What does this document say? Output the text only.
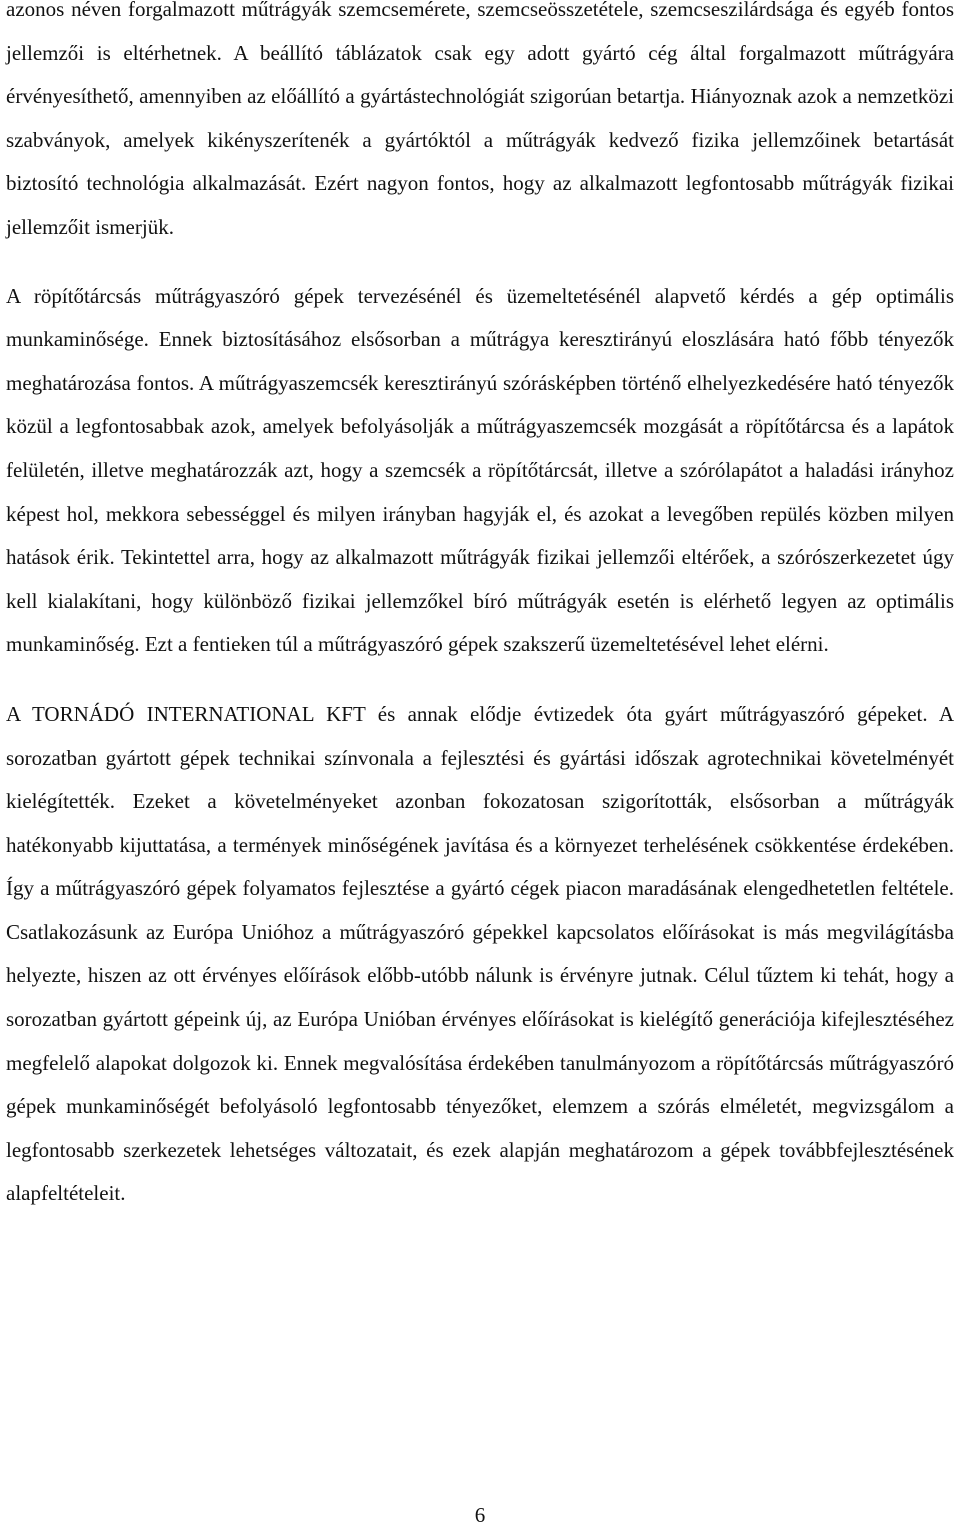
azonos néven forgalmazott műtrágyák szemcseméretе, szemcseösszetétele, szemcseszilárdsága és egyéb fontos jellemzői is eltérhetnek. A beállító táblázatok csak egy adott gyártó cég által forgalmazott műtrágyára érvényesíthető, amennyiben az előállító a gyártástechnológiát szigorúan betartja. Hiányoznak azok a nemzetközi szabványok, amelyek kikényszerítenék a gyártóktól a műtrágyák kedvező fizika jellemzőinek betartását biztosító technológia alkalmazását. Ezért nagyon fontos, hogy az alkalmazott legfontosabb műtrágyák fizikai jellemzőit ismerjük.

A röpítőtárcsás műtrágyaszóró gépek tervezésénél és üzemeltetésénél alapvető kérdés a gép optimális munkaminősége. Ennek biztosításához elsősorban a műtrágya keresztirányú eloszlására ható főbb tényezők meghatározása fontos. A műtrágyaszemcsék keresztirányú szórásképben történő elhelyezkedésére ható tényezők közül a legfontosabbak azok, amelyek befolyásolják a műtrágyaszemcsék mozgását a röpítőtárcsa és a lapátok felületén, illetve meghatározzák azt, hogy a szemcsék a röpítőtárcsát, illetve a szórólapátot a haladási irányhoz képest hol, mekkora sebességgel és milyen irányban hagyják el, és azokat a levegőben repülés közben milyen hatások érik. Tekintettel arra, hogy az alkalmazott műtrágyák fizikai jellemzői eltérőek, a szórószerkezetet úgy kell kialakítani, hogy különböző fizikai jellemzőkel bíró műtrágyák esetén is elérhető legyen az optimális munkaminőség. Ezt a fentieken túl a műtrágyaszóró gépek szakszerű üzemeltetésével lehet elérni.

A TORNÁDÓ INTERNATIONAL KFT és annak elődje évtizedek óta gyárt műtrágyaszóró gépeket. A sorozatban gyártott gépek technikai színvonala a fejlesztési és gyártási időszak agrotechnikai követelményét kielégítették. Ezeket a követelményeket azonban fokozatosan szigorították, elsősorban a műtrágyák hatékonyabb kijuttatása, a termények minőségének javítása és a környezet terhelésének csökkentése érdekében. Így a műtrágyaszóró gépek folyamatos fejlesztése a gyártó cégek piacon maradásának elengedhetetlen feltétele. Csatlakozásunk az Európa Unióhoz a műtrágyaszóró gépekkel kapcsolatos előírásokat is más megvilágításba helyezte, hiszen az ott érvényes előírások előbb-utóbb nálunk is érvényre jutnak. Célul tűztem ki tehát, hogy a sorozatban gyártott gépeink új, az Európa Unióban érvényes előírásokat is kielégítő generációja kifejlesztéséhez megfelelő alapokat dolgozok ki. Ennek megvalósítása érdekében tanulmányozom a röpítőtárcsás műtrágyaszóró gépek munkaminőségét befolyásoló legfontosabb tényezőket, elemzem a szórás elméletét, megvizsgálom a legfontosabb szerkezetek lehetséges változatait, és ezek alapján meghatározom a gépek továbbfejlesztésének alapfeltételeit.

6
